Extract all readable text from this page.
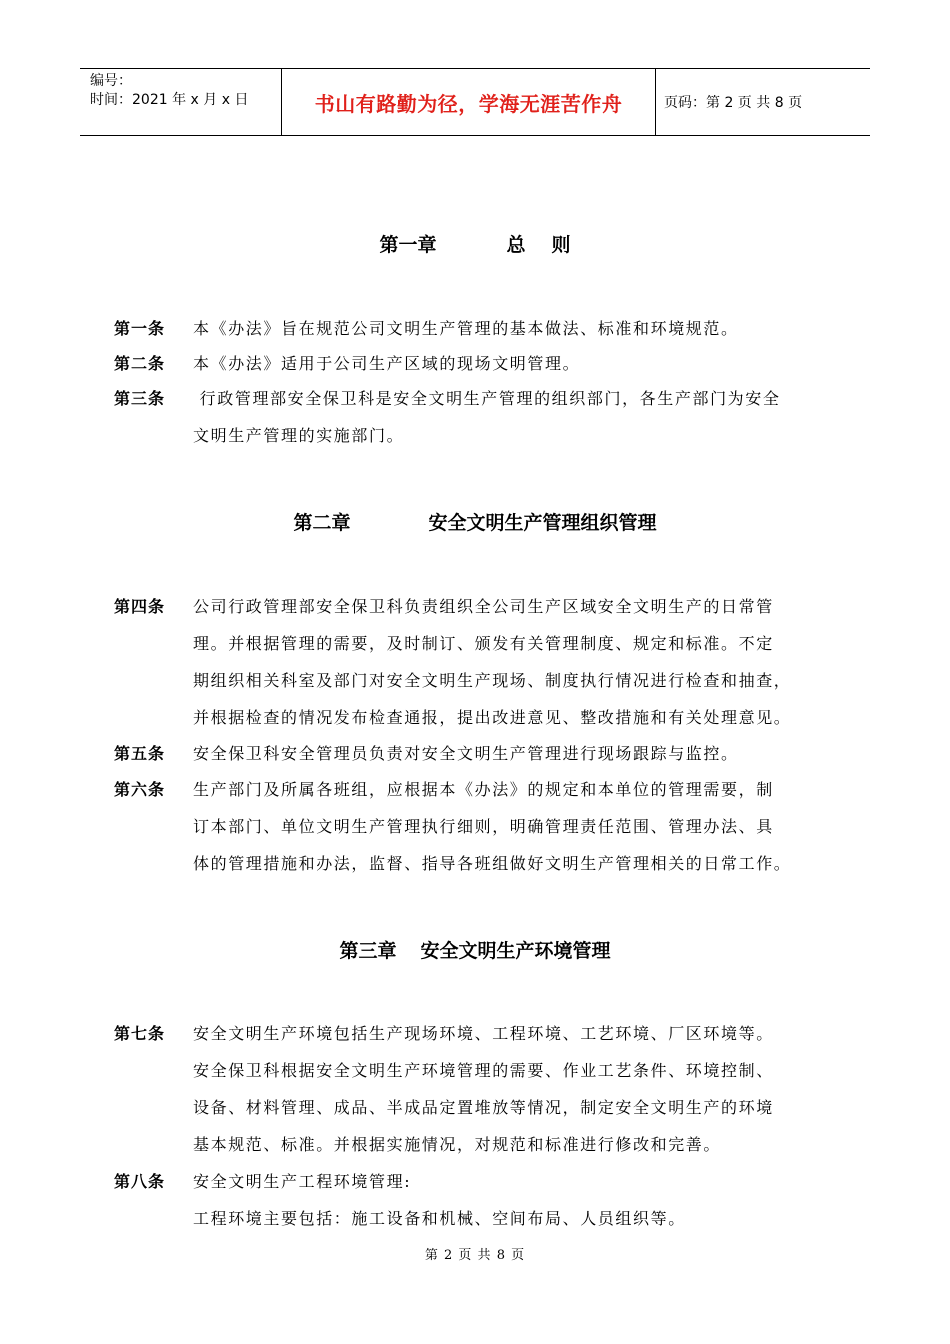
编号：
时间：2021 年 x 月 x 日	书山有路勤为径，学海无涯苦作舟	页码：第 2 页 共 8 页
第一章	总 则
第一条 本《办法》旨在规范公司文明生产管理的基本做法、标准和环境规范。

第二条 本《办法》适用于公司生产区域的现场文明管理。

第三条 行政管理部安全保卫科是安全文明生产管理的组织部门，各生产部门为安全

文明生产管理的实施部门。

第二章	安全文明生产管理组织管理
第四条 公司行政管理部安全保卫科负责组织全公司生产区域安全文明生产的日常管

理。并根据管理的需要，及时制订、颁发有关管理制度、规定和标准。不定

期组织相关科室及部门对安全文明生产现场、制度执行情况进行检查和抽查，

并根据检查的情况发布检查通报，提出改进意见、整改措施和有关处理意见。

第五条 安全保卫科安全管理员负责对安全文明生产管理进行现场跟踪与监控。

第六条 生产部门及所属各班组，应根据本《办法》的规定和本单位的管理需要，制

订本部门、单位文明生产管理执行细则，明确管理责任范围、管理办法、具

体的管理措施和办法，监督、指导各班组做好文明生产管理相关的日常工作。

第三章 安全文明生产环境管理
第七条 安全文明生产环境包括生产现场环境、工程环境、工艺环境、厂区环境等。

安全保卫科根据安全文明生产环境管理的需要、作业工艺条件、环境控制、

设备、材料管理、成品、半成品定置堆放等情况，制定安全文明生产的环境

基本规范、标准。并根据实施情况，对规范和标准进行修改和完善。

第八条 安全文明生产工程环境管理:

工程环境主要包括：施工设备和机械、空间布局、人员组织等。

第 2 页 共 8 页
